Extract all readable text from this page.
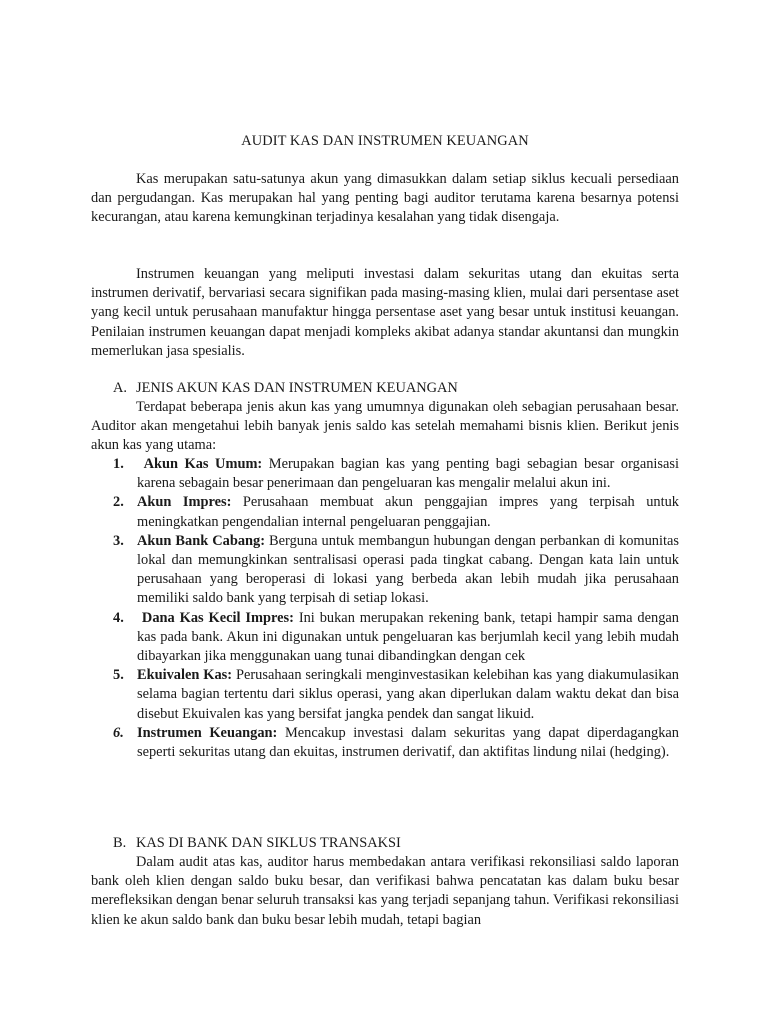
AUDIT KAS DAN INSTRUMEN KEUANGAN

Kas merupakan satu-satunya akun yang dimasukkan dalam setiap siklus kecuali persediaan dan pergudangan. Kas merupakan hal yang penting bagi auditor terutama karena besarnya potensi kecurangan, atau karena kemungkinan terjadinya kesalahan yang tidak disengaja.

Instrumen keuangan yang meliputi investasi dalam sekuritas utang dan ekuitas serta instrumen derivatif, bervariasi secara signifikan pada masing-masing klien, mulai dari persentase aset yang kecil untuk perusahaan manufaktur hingga persentase aset yang besar untuk institusi keuangan. Penilaian instrumen keuangan dapat menjadi kompleks akibat adanya standar akuntansi dan mungkin memerlukan jasa spesialis.

A. JENIS AKUN KAS DAN INSTRUMEN KEUANGAN

Terdapat beberapa jenis akun kas yang umumnya digunakan oleh sebagian perusahaan besar. Auditor akan mengetahui lebih banyak jenis saldo kas setelah memahami bisnis klien. Berikut jenis akun kas yang utama:

1. Akun Kas Umum: Merupakan bagian kas yang penting bagi sebagian besar organisasi karena sebagain besar penerimaan dan pengeluaran kas mengalir melalui akun ini.
2. Akun Impres: Perusahaan membuat akun penggajian impres yang terpisah untuk meningkatkan pengendalian internal pengeluaran penggajian.
3. Akun Bank Cabang: Berguna untuk membangun hubungan dengan perbankan di komunitas lokal dan memungkinkan sentralisasi operasi pada tingkat cabang. Dengan kata lain untuk perusahaan yang beroperasi di lokasi yang berbeda akan lebih mudah jika perusahaan memiliki saldo bank yang terpisah di setiap lokasi.
4. Dana Kas Kecil Impres: Ini bukan merupakan rekening bank, tetapi hampir sama dengan kas pada bank. Akun ini digunakan untuk pengeluaran kas berjumlah kecil yang lebih mudah dibayarkan jika menggunakan uang tunai dibandingkan dengan cek
5. Ekuivalen Kas: Perusahaan seringkali menginvestasikan kelebihan kas yang diakumulasikan selama bagian tertentu dari siklus operasi, yang akan diperlukan dalam waktu dekat dan bisa disebut Ekuivalen kas yang bersifat jangka pendek dan sangat likuid.
6. Instrumen Keuangan: Mencakup investasi dalam sekuritas yang dapat diperdagangkan seperti sekuritas utang dan ekuitas, instrumen derivatif, dan aktifitas lindung nilai (hedging).
B. KAS DI BANK DAN SIKLUS TRANSAKSI

Dalam audit atas kas, auditor harus membedakan antara verifikasi rekonsiliasi saldo laporan bank oleh klien dengan saldo buku besar, dan verifikasi bahwa pencatatan kas dalam buku besar merefleksikan dengan benar seluruh transaksi kas yang terjadi sepanjang tahun. Verifikasi rekonsiliasi klien ke akun saldo bank dan buku besar lebih mudah, tetapi bagian
